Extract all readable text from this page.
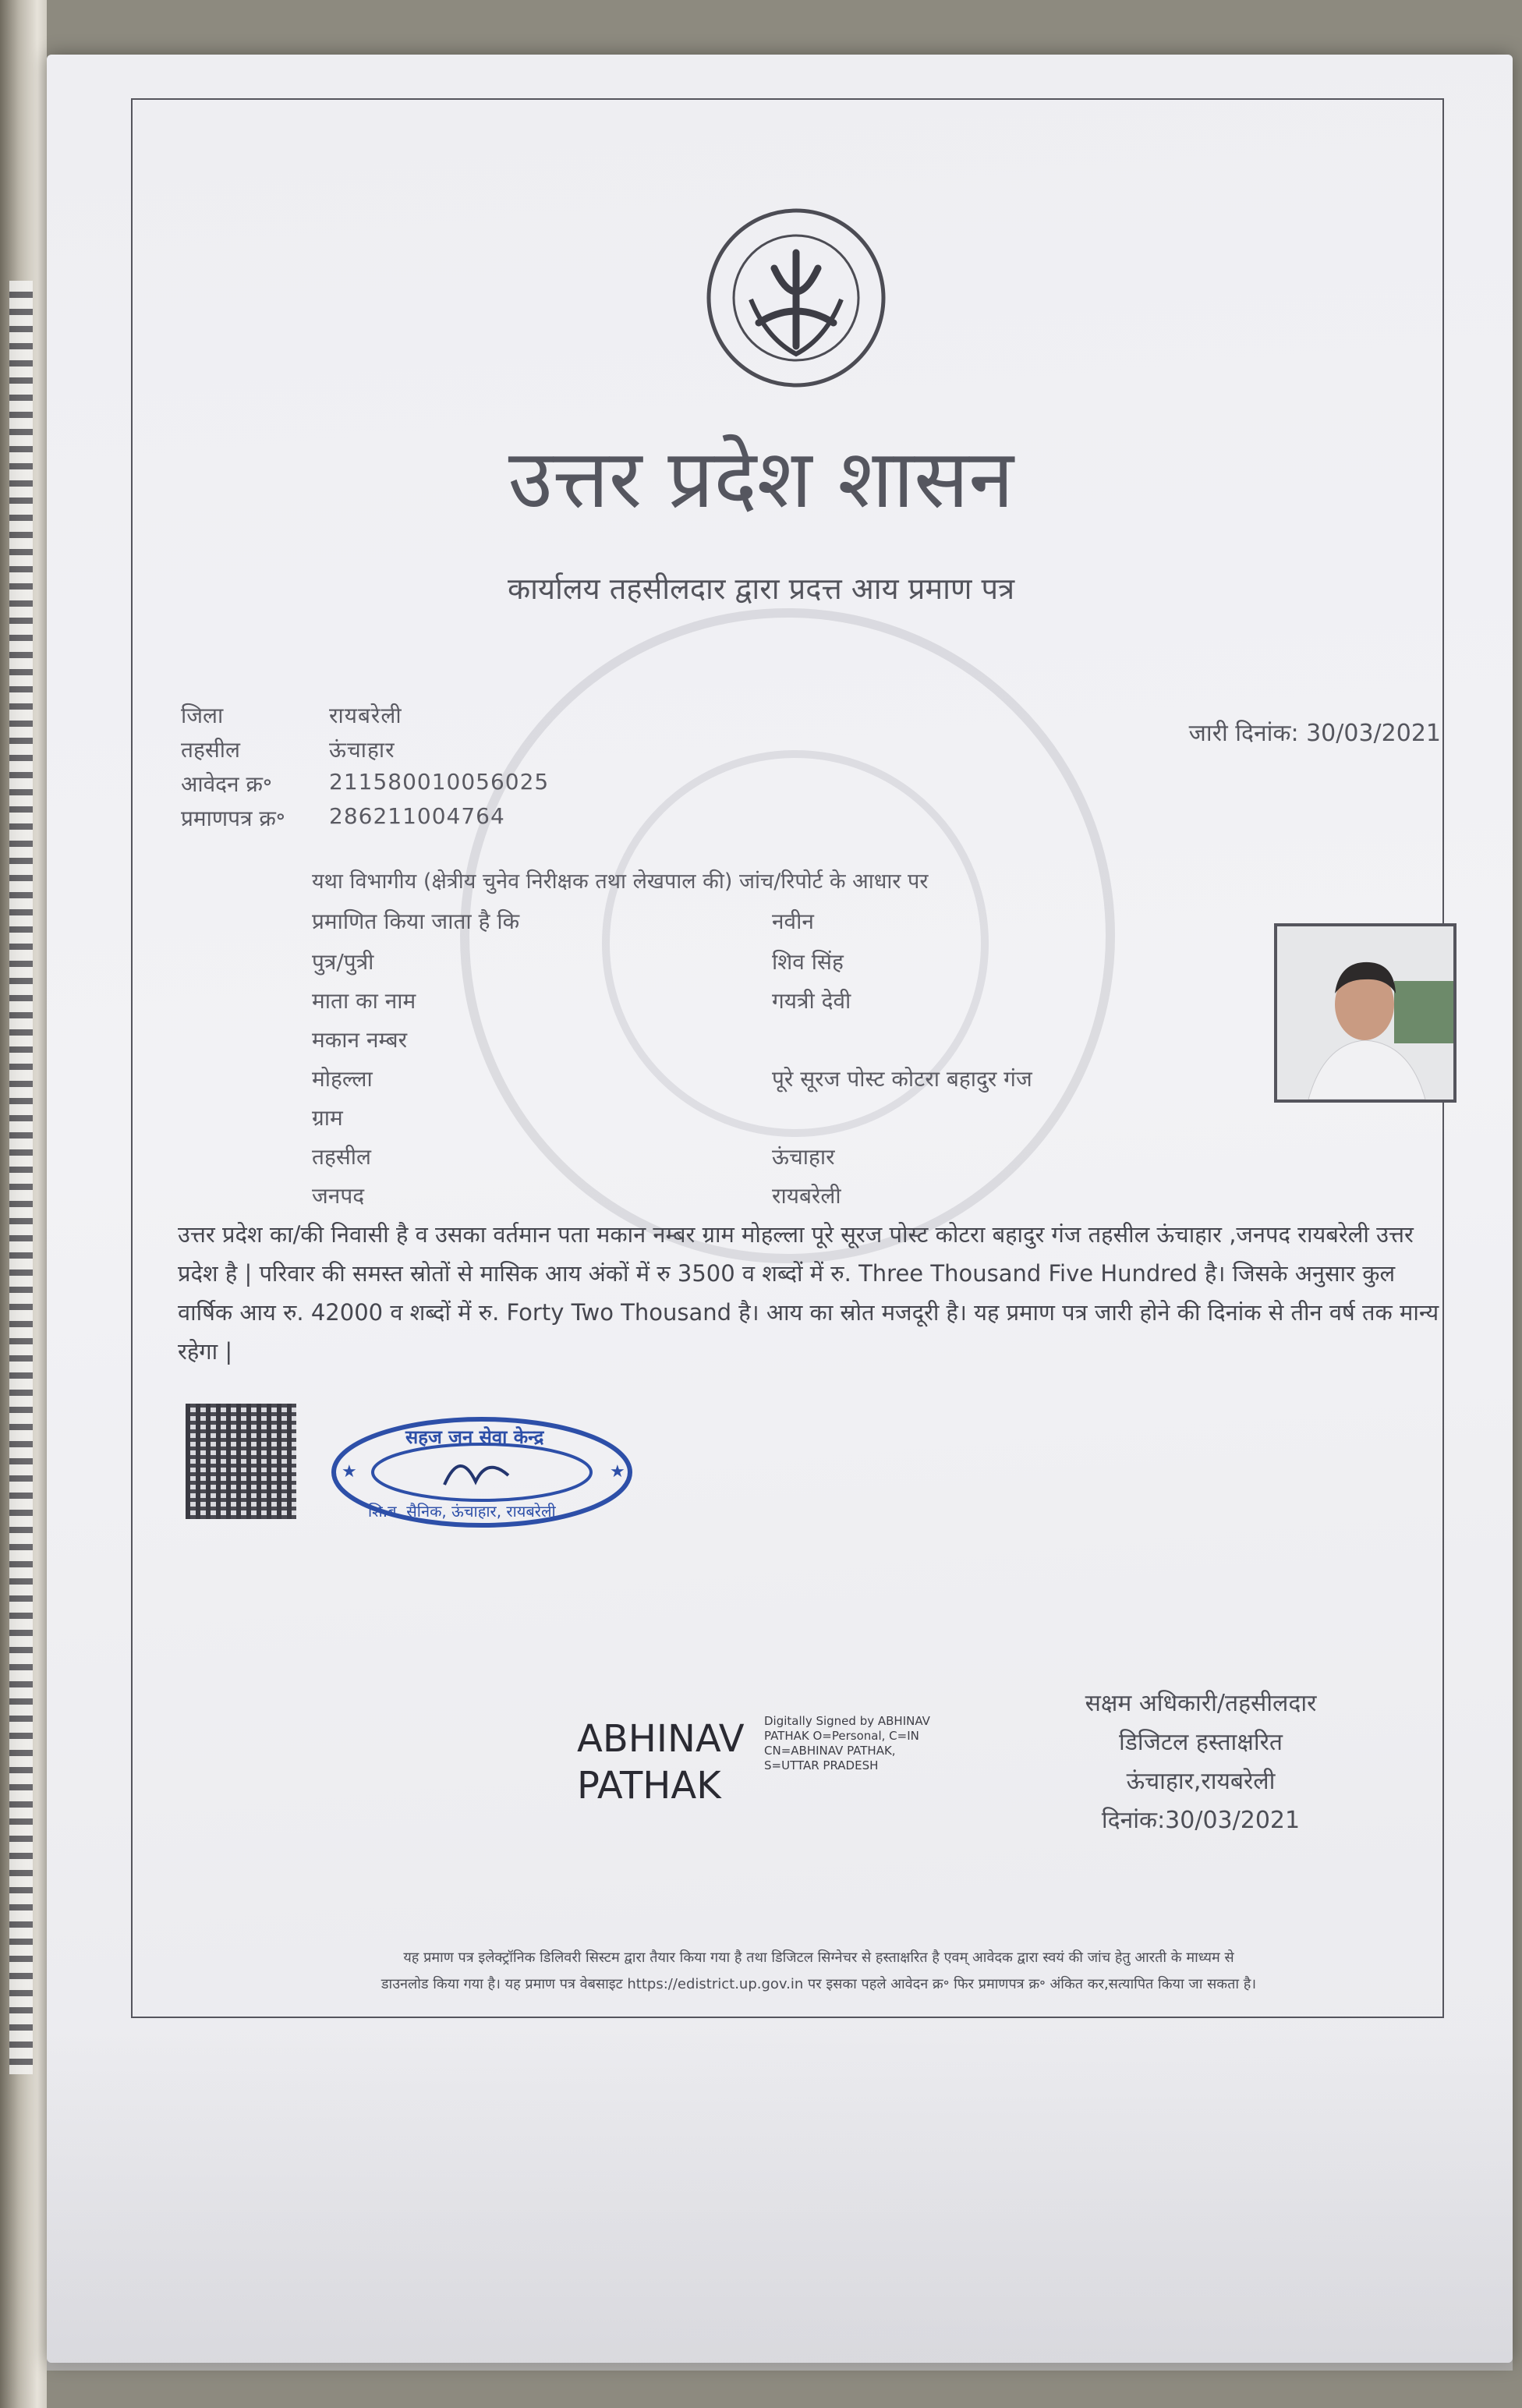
उत्तर प्रदेश शासन
कार्यालय तहसीलदार द्वारा प्रदत्त आय प्रमाण पत्र
जिला	रायबरेली
तहसील	ऊंचाहार
आवेदन क्र॰	211580010056025
प्रमाणपत्र क्र॰ 286211004764
जारी दिनांक: 30/03/2021
यथा विभागीय (क्षेत्रीय चुनेव निरीक्षक तथा लेखपाल की) जांच/रिपोर्ट के आधार पर
प्रमाणित किया जाता है कि	नवीन
पुत्र/पुत्री	शिव सिंह
माता का नाम	गयत्री देवी
मकान नम्बर
मोहल्ला	पूरे सूरज पोस्ट कोटरा बहादुर गंज
ग्राम
तहसील	ऊंचाहार
जनपद	रायबरेली
उत्तर प्रदेश का/की निवासी है व उसका वर्तमान पता मकान नम्बर ग्राम मोहल्ला पूरे सूरज पोस्ट कोटरा बहादुर गंज तहसील ऊंचाहार ,जनपद रायबरेली उत्तर प्रदेश है | परिवार की समस्त स्रोतों से मासिक आय अंकों में रु 3500 व शब्दों में रु. Three Thousand Five Hundred है। जिसके अनुसार कुल वार्षिक आय रु. 42000 व शब्दों में रु. Forty Two Thousand है। आय का स्रोत मजदूरी है। यह प्रमाण पत्र जारी होने की दिनांक से तीन वर्ष तक मान्य रहेगा |
★	★
सहज जन सेवा केन्द्र
शि.ब. सैनिक, ऊंचाहार, रायबरेली
ABHINAV
PATHAK
Digitally Signed by ABHINAV PATHAK O=Personal, C=IN CN=ABHINAV PATHAK, S=UTTAR PRADESH
सक्षम अधिकारी/तहसीलदार
डिजिटल हस्ताक्षरित
ऊंचाहार,रायबरेली
दिनांक:30/03/2021
यह प्रमाण पत्र इलेक्ट्रॉनिक डिलिवरी सिस्टम द्वारा तैयार किया गया है तथा डिजिटल सिग्नेचर से हस्ताक्षरित है एवम् आवेदक द्वारा स्वयं की जांच हेतु आरती के माध्यम से
डाउनलोड किया गया है। यह प्रमाण पत्र वेबसाइट https://edistrict.up.gov.in पर इसका पहले आवेदन क्र॰ फिर प्रमाणपत्र क्र॰ अंकित कर,सत्यापित किया जा सकता है।
